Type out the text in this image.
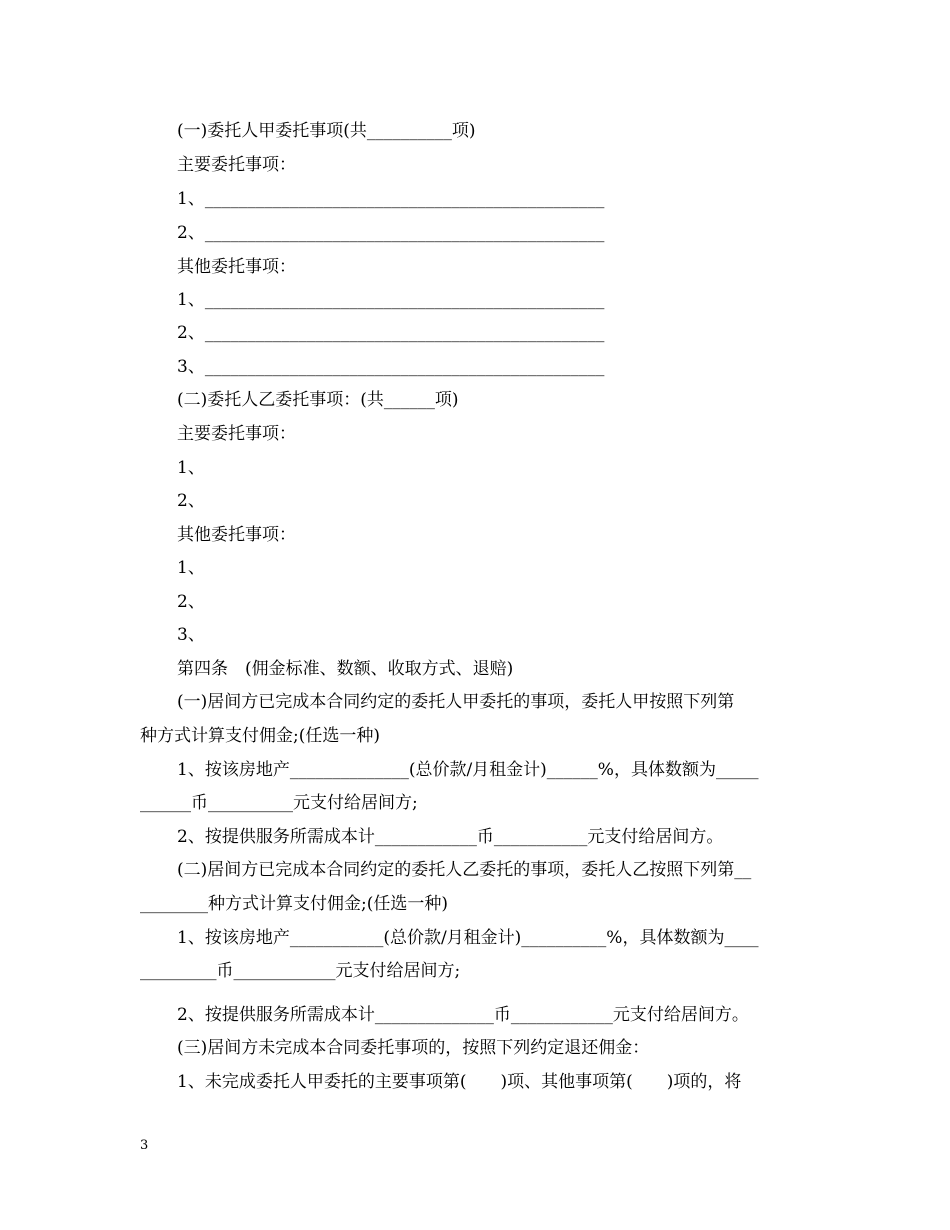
(一)委托人甲委托事项(共__________项)
主要委托事项：
1、_______________________________________________
2、_______________________________________________
其他委托事项：
1、_______________________________________________
2、_______________________________________________
3、_______________________________________________
(二)委托人乙委托事项：(共______项)
主要委托事项：
1、
2、
其他委托事项：
1、
2、
3、
第四条　(佣金标准、数额、收取方式、退赔)
(一)居间方已完成本合同约定的委托人甲委托的事项，委托人甲按照下列第
种方式计算支付佣金;(任选一种)
1、按该房地产______________(总价款/月租金计)______%，具体数额为_____
______币__________元支付给居间方;
2、按提供服务所需成本计____________币___________元支付给居间方。
(二)居间方已完成本合同约定的委托人乙委托的事项，委托人乙按照下列第__
________种方式计算支付佣金;(任选一种)
1、按该房地产___________(总价款/月租金计)__________%，具体数额为____
_________币____________元支付给居间方;
2、按提供服务所需成本计______________币____________元支付给居间方。
(三)居间方未完成本合同委托事项的，按照下列约定退还佣金：
1、未完成委托人甲委托的主要事项第(　　)项、其他事项第(　　)项的，将
3
